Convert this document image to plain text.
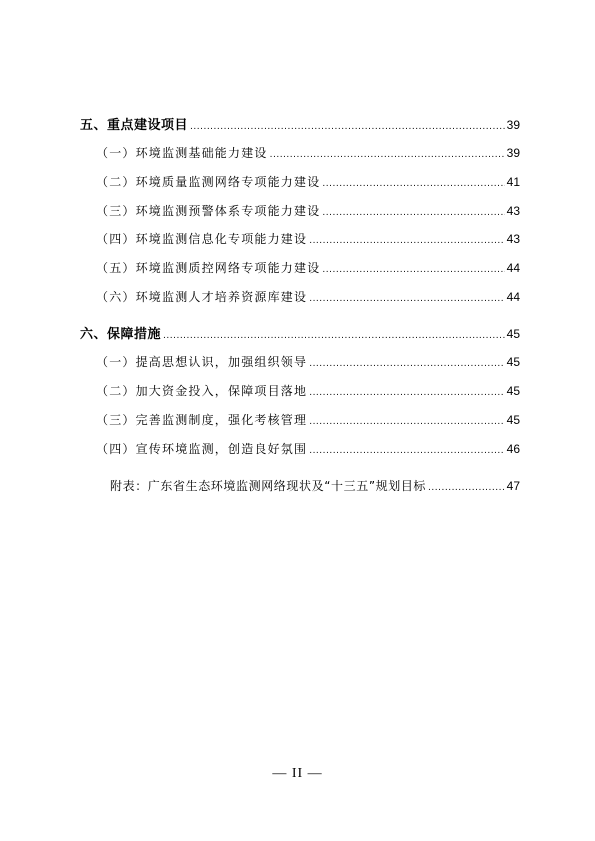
五、重点建设项目 .....	39
（一）环境监测基础能力建设 .....	39
（二）环境质量监测网络专项能力建设 .....	41
（三）环境监测预警体系专项能力建设 .....	43
（四）环境监测信息化专项能力建设 .....	43
（五）环境监测质控网络专项能力建设 .....	44
（六）环境监测人才培养资源库建设 .....	44
六、保障措施 .....	45
（一）提高思想认识，加强组织领导 .....	45
（二）加大资金投入，保障项目落地 .....	45
（三）完善监测制度，强化考核管理 .....	45
（四）宣传环境监测，创造良好氛围 .....	46
附表：广东省生态环境监测网络现状及“十三五”规划目标 .....	47
— II —
